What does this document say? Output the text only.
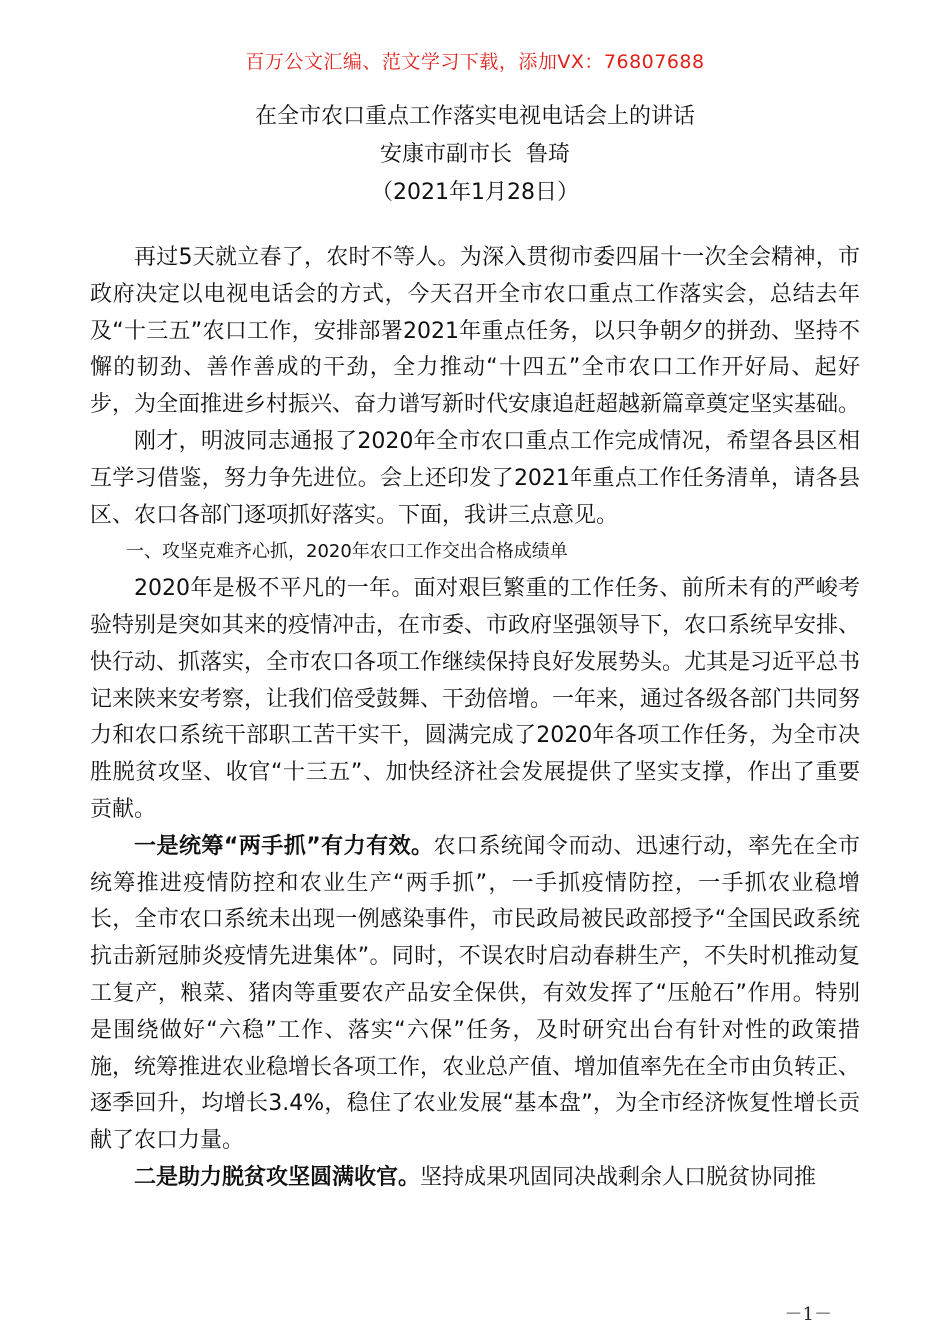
百万公文汇编、范文学习下载，添加VX：76807688
在全市农口重点工作落实电视电话会上的讲话
安康市副市长  鲁琦
（2021年1月28日）

再过5天就立春了，农时不等人。为深入贯彻市委四届十一次全会精神，市政府决定以电视电话会的方式，今天召开全市农口重点工作落实会，总结去年及“十三五”农口工作，安排部署2021年重点任务，以只争朝夕的拼劲、坚持不懈的韧劲、善作善成的干劲，全力推动“十四五”全市农口工作开好局、起好步，为全面推进乡村振兴、奋力谱写新时代安康追赶超越新篇章奠定坚实基础。

刚才，明波同志通报了2020年全市农口重点工作完成情况，希望各县区相互学习借鉴，努力争先进位。会上还印发了2021年重点工作任务清单，请各县区、农口各部门逐项抓好落实。下面，我讲三点意见。

一、攻坚克难齐心抓，2020年农口工作交出合格成绩单

2020年是极不平凡的一年。面对艰巨繁重的工作任务、前所未有的严峻考验特别是突如其来的疫情冲击，在市委、市政府坚强领导下，农口系统早安排、快行动、抓落实，全市农口各项工作继续保持良好发展势头。尤其是习近平总书记来陕来安考察，让我们倍受鼓舞、干劲倍增。一年来，通过各级各部门共同努力和农口系统干部职工苦干实干，圆满完成了2020年各项工作任务，为全市决胜脱贫攻坚、收官“十三五”、加快经济社会发展提供了坚实支撑，作出了重要贡献。

一是统筹“两手抓”有力有效。农口系统闻令而动、迅速行动，率先在全市统筹推进疫情防控和农业生产“两手抓”，一手抓疫情防控，一手抓农业稳增长，全市农口系统未出现一例感染事件，市民政局被民政部授予“全国民政系统抗击新冠肺炎疫情先进集体”。同时，不误农时启动春耕生产，不失时机推动复工复产，粮菜、猪肉等重要农产品安全保供，有效发挥了“压舱石”作用。特别是围绕做好“六稳”工作、落实“六保”任务，及时研究出台有针对性的政策措施，统筹推进农业稳增长各项工作，农业总产值、增加值率先在全市由负转正、逐季回升，均增长3.4%，稳住了农业发展“基本盘”，为全市经济恢复性增长贡献了农口力量。

二是助力脱贫攻坚圆满收官。坚持成果巩固同决战剩余人口脱贫协同推

－1－
